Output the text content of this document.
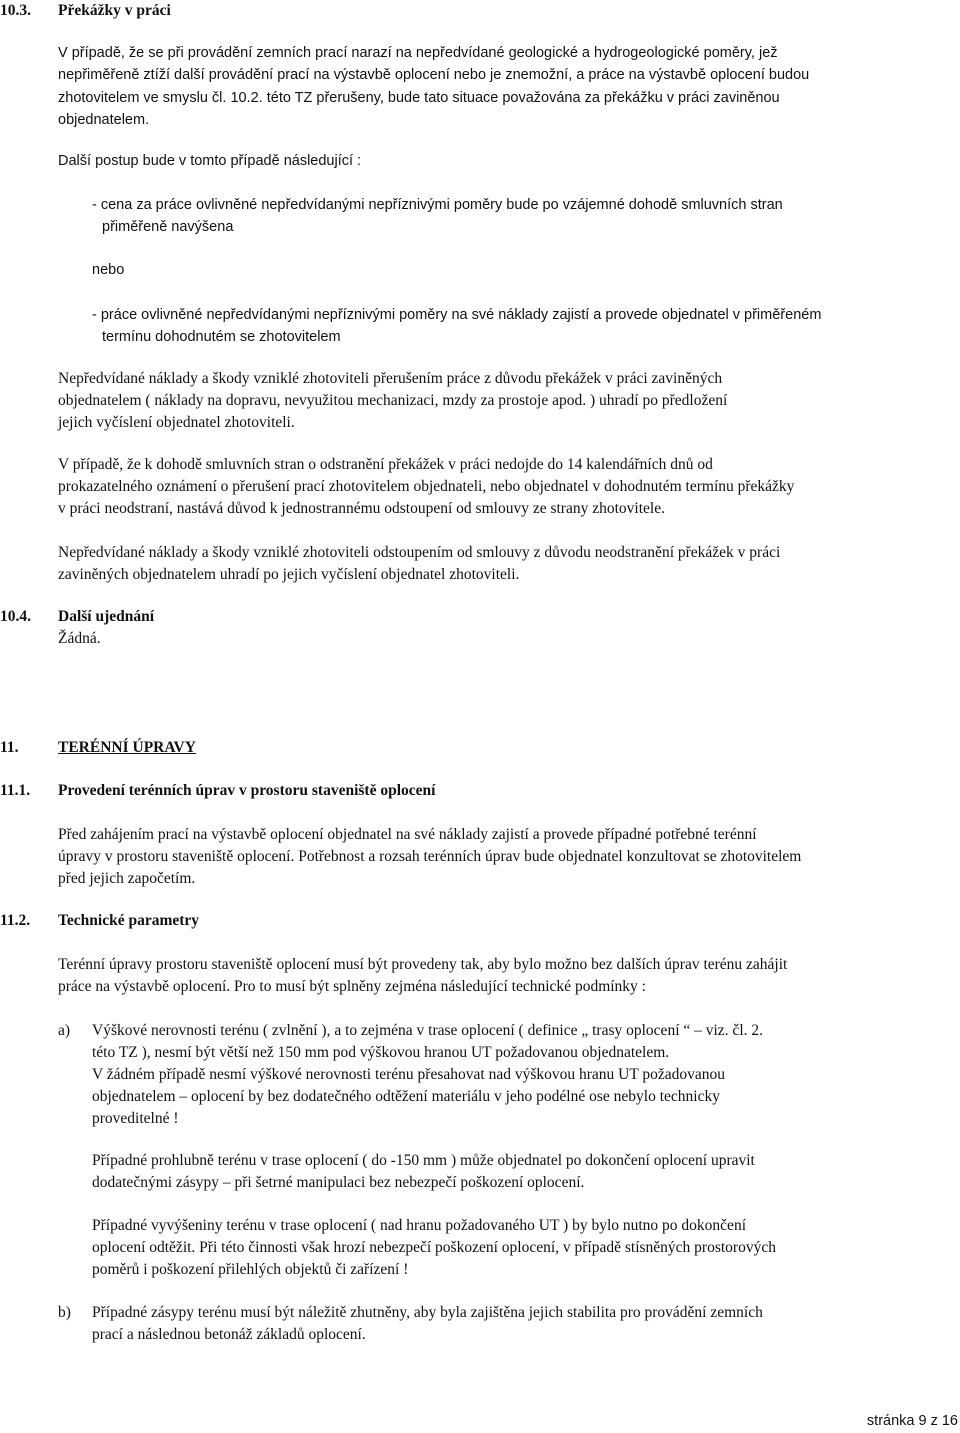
10.3. Překážky v práci
V případě, že se při provádění zemních prací narazí na nepředvídané geologické a hydrogeologické poměry, jež
nepřiměřeně ztíží další provádění prací na výstavbě oplocení nebo je znemožní, a práce na výstavbě oplocení budou
zhotovitelem ve smyslu čl. 10.2. této TZ přerušeny, bude tato situace považována za překážku v práci zaviněnou
objednatelem.
Další postup bude v tomto případě následující :
- cena za práce ovlivněné nepředvídanými nepříznivými poměry bude po vzájemné dohodě smluvních stran
přiměřeně navýšena
nebo
- práce ovlivněné nepředvídanými nepříznivými poměry na své náklady zajistí a provede objednatel v přiměřeném
termínu dohodnutém se zhotovitelem
Nepředvídané náklady a škody vzniklé zhotoviteli přerušením práce z důvodu překážek v práci zaviněných
objednatelem ( náklady na dopravu, nevyužitou mechanizaci, mzdy za prostoje apod. ) uhradí po předložení
jejich vyčíslení objednatel zhotoviteli.
V případě, že k dohodě smluvních stran o odstranění překážek v práci nedojde do 14 kalendářních dnů od
prokazatelného oznámení o přerušení prací zhotovitelem objednateli, nebo objednatel v dohodnutém termínu překážky
v práci neodstraní, nastává důvod k jednostrannému odstoupení od smlouvy ze strany zhotovitele.
Nepředvídané náklady a škody vzniklé zhotoviteli odstoupením od smlouvy z důvodu neodstranění překážek v práci
zaviněných objednatelem uhradí po jejich vyčíslení objednatel zhotoviteli.
10.4. Další ujednání
Žádná.
11.	TERÉNNÍ ÚPRAVY
11.1. Provedení terénních úprav v prostoru staveniště oplocení
Před zahájením prací na výstavbě oplocení objednatel na své náklady zajistí a provede případné potřebné terénní
úpravy v prostoru staveniště oplocení. Potřebnost a rozsah terénních úprav bude objednatel konzultovat se zhotovitelem
před jejich započetím.
11.2. Technické parametry
Terénní úpravy prostoru staveniště oplocení musí být provedeny tak, aby bylo možno bez dalších úprav terénu zahájit
práce na výstavbě oplocení. Pro to musí být splněny zejména následující technické podmínky :
a) Výškové nerovnosti terénu ( zvlnění ), a to zejména v trase oplocení ( definice „ trasy oplocení “ – viz. čl. 2.
této TZ ), nesmí být větší než 150 mm pod výškovou hranou UT požadovanou objednatelem.
V žádném případě nesmí výškové nerovnosti terénu přesahovat nad výškovou hranu UT požadovanou
objednatelem – oplocení by bez dodatečného odtěžení materiálu v jeho podélné ose nebylo technicky
proveditelné !
Případné prohlubně terénu v trase oplocení ( do -150 mm ) může objednatel po dokončení oplocení upravit
dodatečnými zásypy – při šetrné manipulaci bez nebezpečí poškození oplocení.
Případné vyvýšeniny terénu v trase oplocení ( nad hranu požadovaného UT ) by bylo nutno po dokončení
oplocení odtěžit. Při této činnosti však hrozí nebezpečí poškození oplocení, v případě stísněných prostorových
poměrů i poškození přilehlých objektů či zařízení !
b) Případné zásypy terénu musí být náležitě zhutněny, aby byla zajištěna jejich stabilita pro provádění zemních
prací a následnou betonáž základů oplocení.
stránka 9 z 16
